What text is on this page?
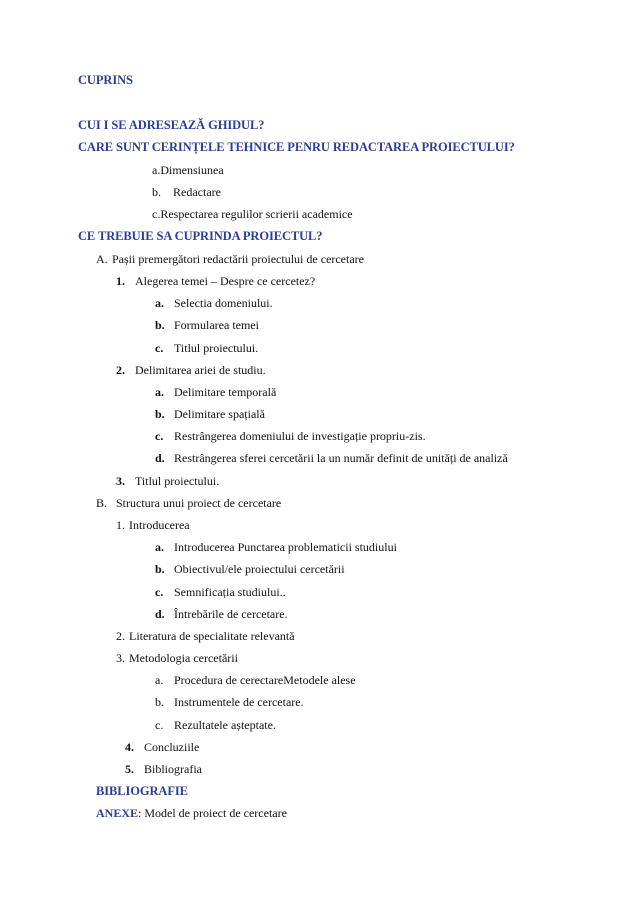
CUPRINS
CUI I SE ADRESEAZĂ GHIDUL?
CARE SUNT CERINȚELE TEHNICE PENRU REDACTAREA PROIECTULUI?
a.Dimensiunea
b. Redactare
c.Respectarea regulilor scrierii academice
CE TREBUIE SA CUPRINDA PROIECTUL?
A. Pașii premergători redactării proiectului de cercetare
1. Alegerea temei – Despre ce cercetez?
a. Selectia domeniului.
b. Formularea temei
c. Titlul proiectului.
2. Delimitarea ariei de studiu.
a. Delimitare temporală
b. Delimitare spațială
c. Restrângerea domeniului de investigație propriu-zis.
d. Restrângerea sferei cercetării la un număr definit de unități de analiză
3. Titlul proiectului.
B. Structura unui proiect de cercetare
1. Introducerea
a. Introducerea Punctarea problematicii studiului
b. Obiectivul/ele proiectului cercetării
c. Semnificația studiului..
d. Întrebările de cercetare.
2. Literatura de specialitate relevantă
3. Metodologia cercetării
a. Procedura de cerectareMetodele alese
b. Instrumentele de cercetare.
c. Rezultatele așteptate.
4. Concluziile
5. Bibliografia
BIBLIOGRAFIE
ANEXE: Model de proiect de cercetare
